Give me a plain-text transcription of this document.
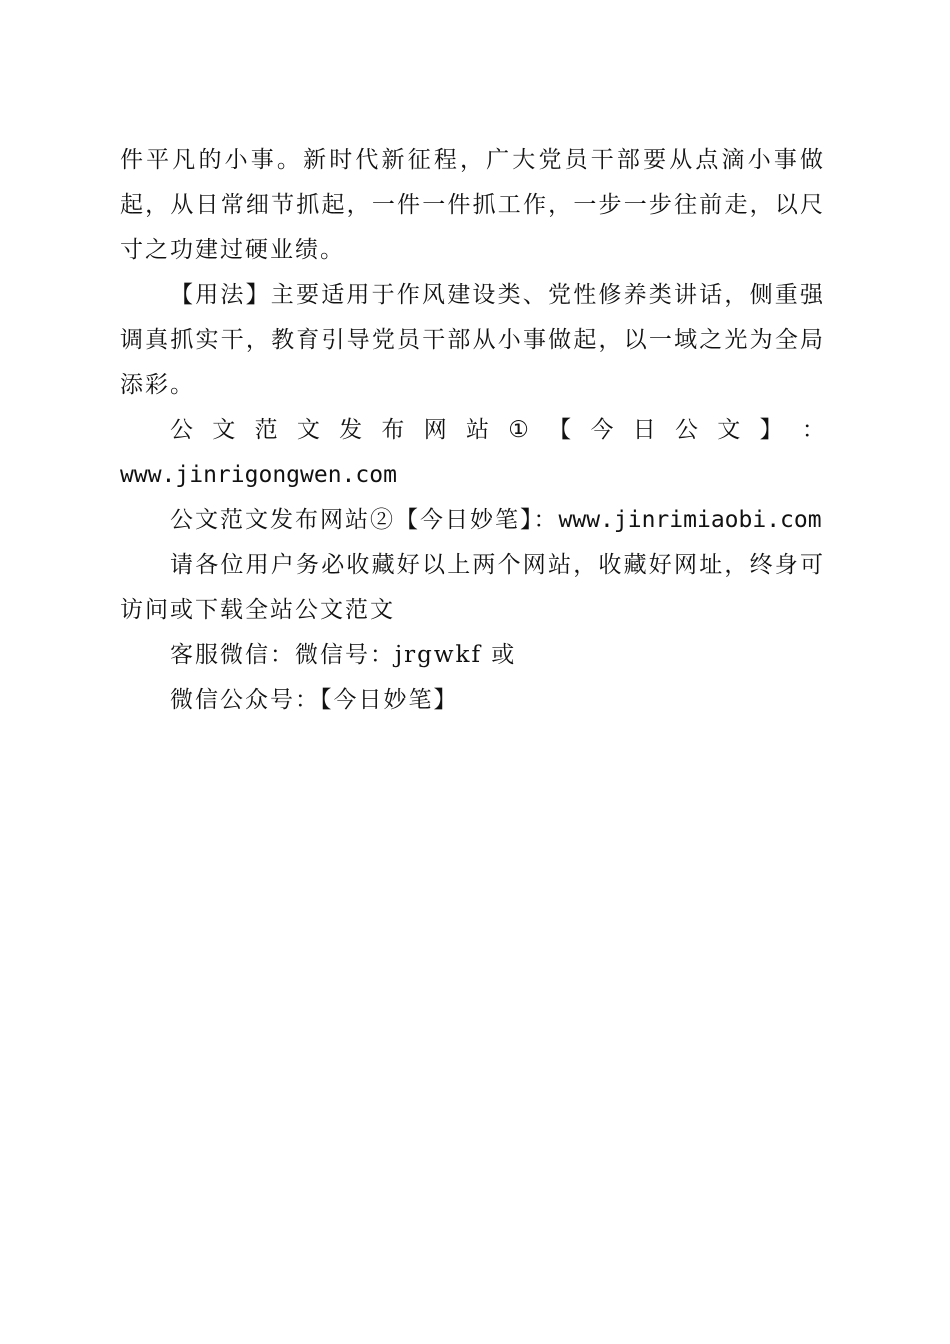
件平凡的小事。新时代新征程，广大党员干部要从点滴小事做起，从日常细节抓起，一件一件抓工作，一步一步往前走，以尺寸之功建过硬业绩。

【用法】主要适用于作风建设类、党性修养类讲话，侧重强调真抓实干，教育引导党员干部从小事做起，以一域之光为全局添彩。

公 文 范 文 发 布 网 站 ① 【 今 日 公 文 】 ：
www.jinrigongwen.com

公文范文发布网站②【今日妙笔】：www.jinrimiaobi.com

请各位用户务必收藏好以上两个网站，收藏好网址，终身可访问或下载全站公文范文

客服微信：微信号：jrgwkf 或

微信公众号：【今日妙笔】
